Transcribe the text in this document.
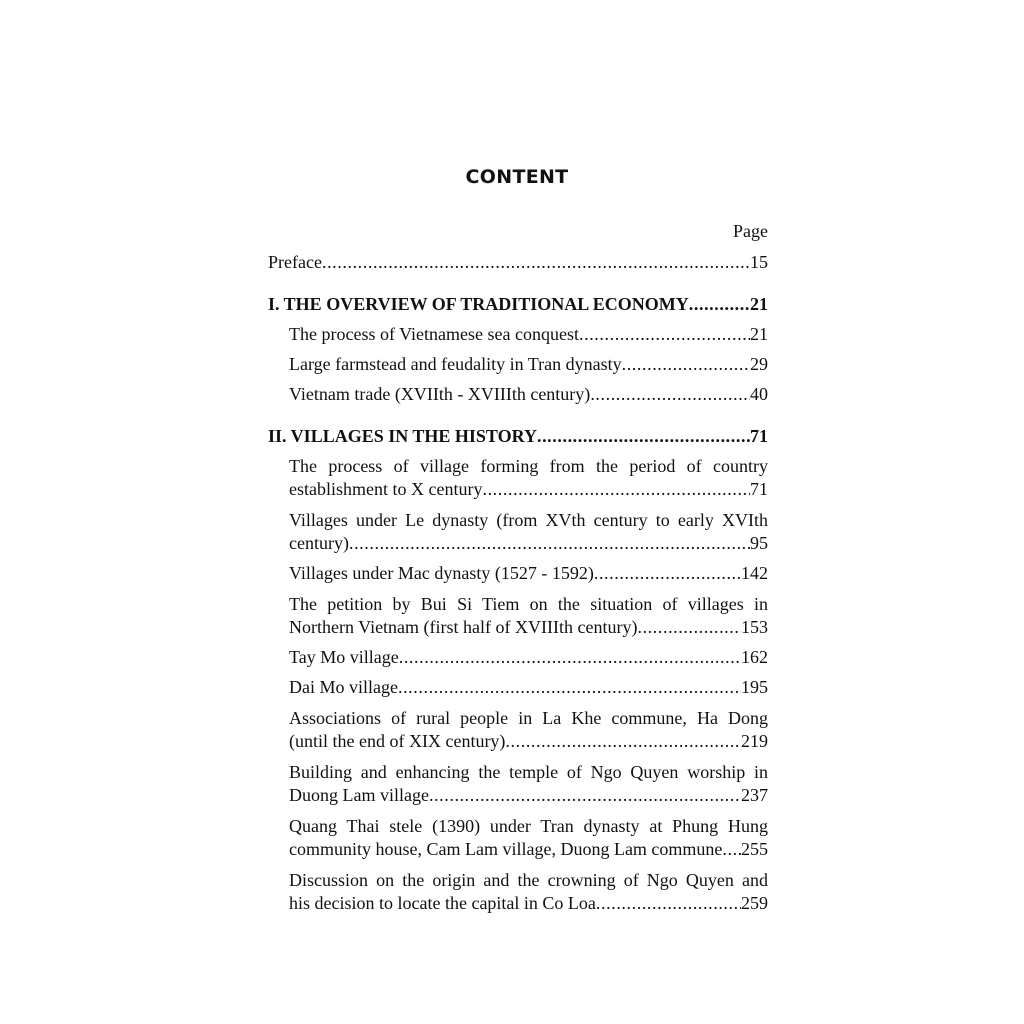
CONTENT
Page
Preface .....	15
I. THE OVERVIEW OF TRADITIONAL ECONOMY .....	21
The process of Vietnamese sea conquest .....	21
Large farmstead and feudality in Tran dynasty .....	29
Vietnam trade (XVIIth - XVIIIth century) .....	40
II. VILLAGES IN THE HISTORY .....	71
The process of village forming from the period of country
establishment to X century .....	71
Villages under Le dynasty (from XVth century to early XVIth
century) .....	95
Villages under Mac dynasty (1527 - 1592) .....	142
The petition by Bui Si Tiem on the situation of villages in
Northern Vietnam (first half of XVIIIth century) .....	153
Tay Mo village .....	162
Dai Mo village .....	195
Associations of rural people in La Khe commune, Ha Dong
(until the end of XIX century) .....	219
Building and enhancing the temple of Ngo Quyen worship in
Duong Lam village .....	237
Quang Thai stele (1390) under Tran dynasty at Phung Hung
community house, Cam Lam village, Duong Lam commune ..... 255
Discussion on the origin and the crowning of Ngo Quyen and
his decision to locate the capital in Co Loa .....	259
